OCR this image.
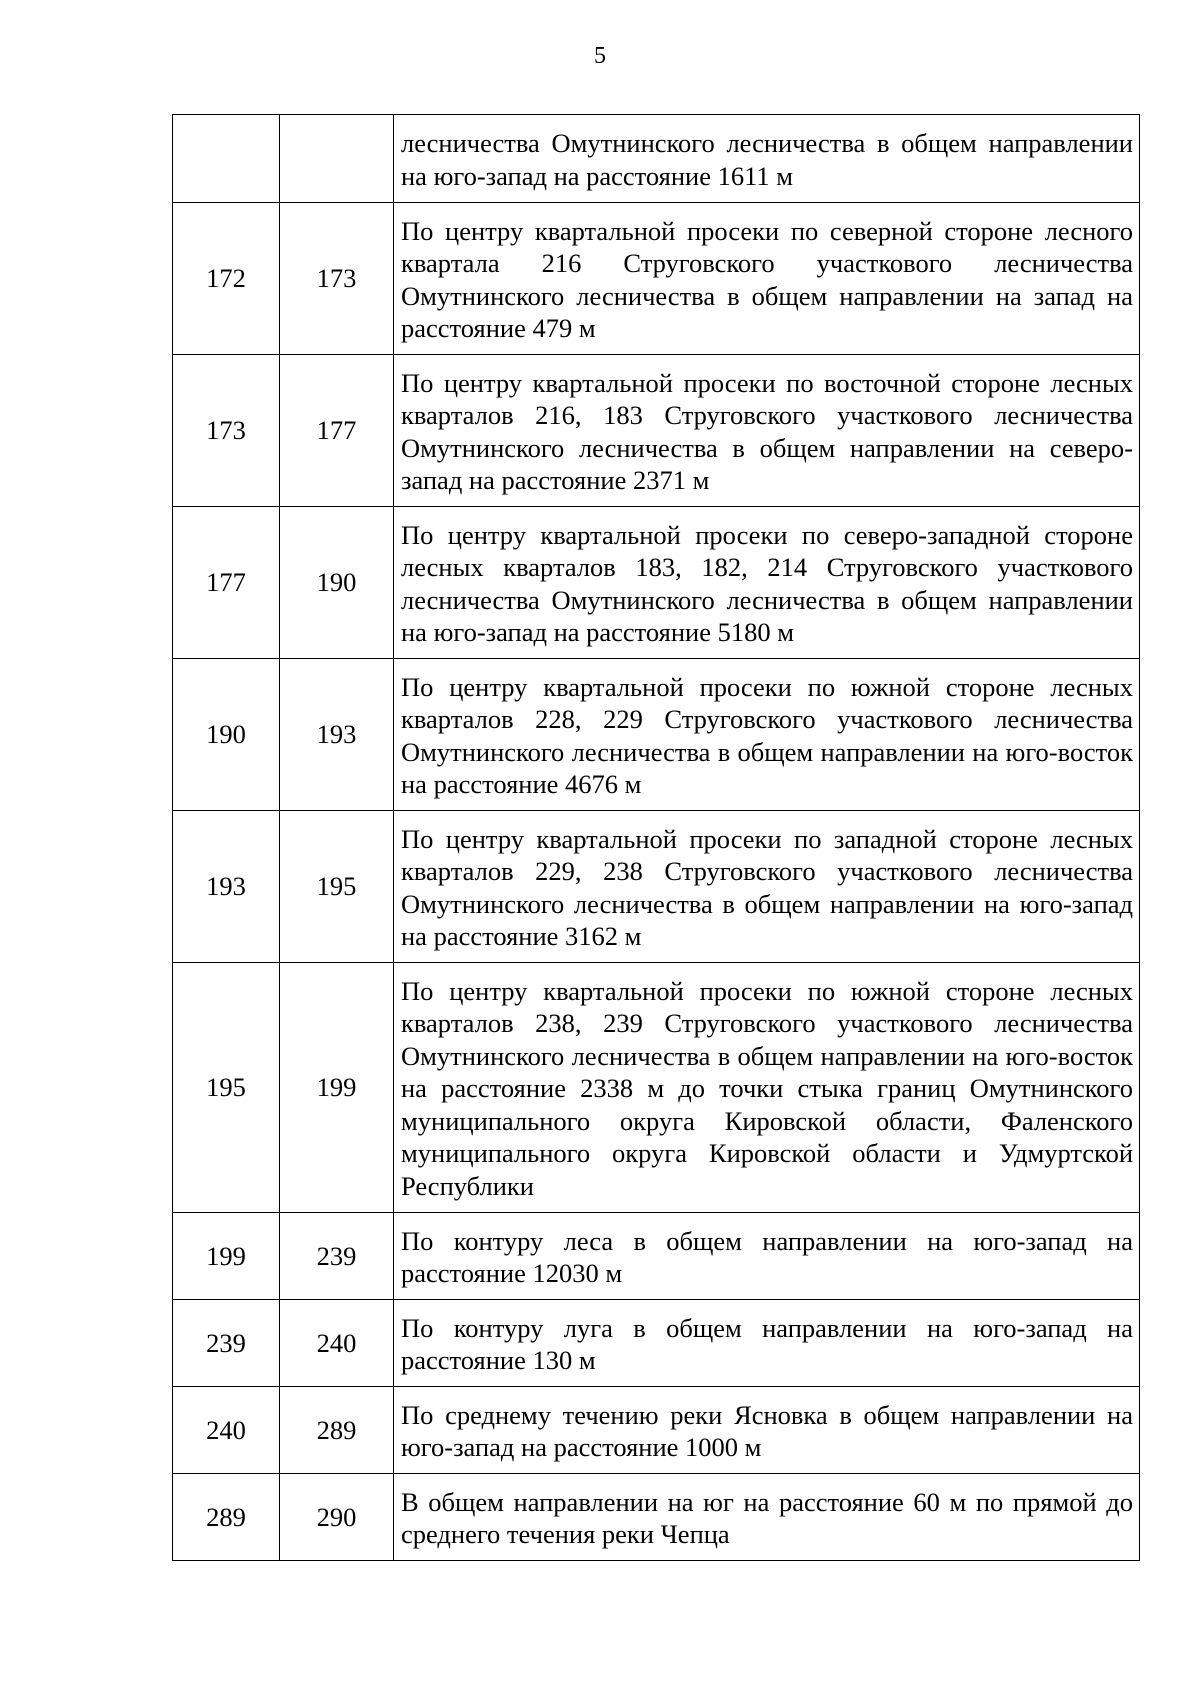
5
		лесничества Омутнинского лесничества в общем направлении на юго-запад на расстояние 1611 м
172	173	По центру квартальной просеки по северной стороне лесного квартала 216 Струговского участкового лесничества Омутнинского лесничества в общем направлении на запад на расстояние 479 м
173	177	По центру квартальной просеки по восточной стороне лесных кварталов 216, 183 Струговского участкового лесничества Омутнинского лесничества в общем направлении на северо-запад на расстояние 2371 м
177	190	По центру квартальной просеки по северо-западной стороне лесных кварталов 183, 182, 214 Струговского участкового лесничества Омутнинского лесничества в общем направлении на юго-запад на расстояние 5180 м
190	193	По центру квартальной просеки по южной стороне лесных кварталов 228, 229 Струговского участкового лесничества Омутнинского лесничества в общем направлении на юго-восток на расстояние 4676 м
193	195	По центру квартальной просеки по западной стороне лесных кварталов 229, 238 Струговского участкового лесничества Омутнинского лесничества в общем направлении на юго-запад на расстояние 3162 м
195	199	По центру квартальной просеки по южной стороне лесных кварталов 238, 239 Струговского участкового лесничества Омутнинского лесничества в общем направлении на юго-восток на расстояние 2338 м до точки стыка границ Омутнинского муниципального округа Кировской области, Фаленского муниципального округа Кировской области и Удмуртской Республики
199	239	По контуру леса в общем направлении на юго-запад на расстояние 12030 м
239	240	По контуру луга в общем направлении на юго-запад на расстояние 130 м
240	289	По среднему течению реки Ясновка в общем направлении на юго-запад на расстояние 1000 м
289	290	В общем направлении на юг на расстояние 60 м по прямой до среднего течения реки Чепца
